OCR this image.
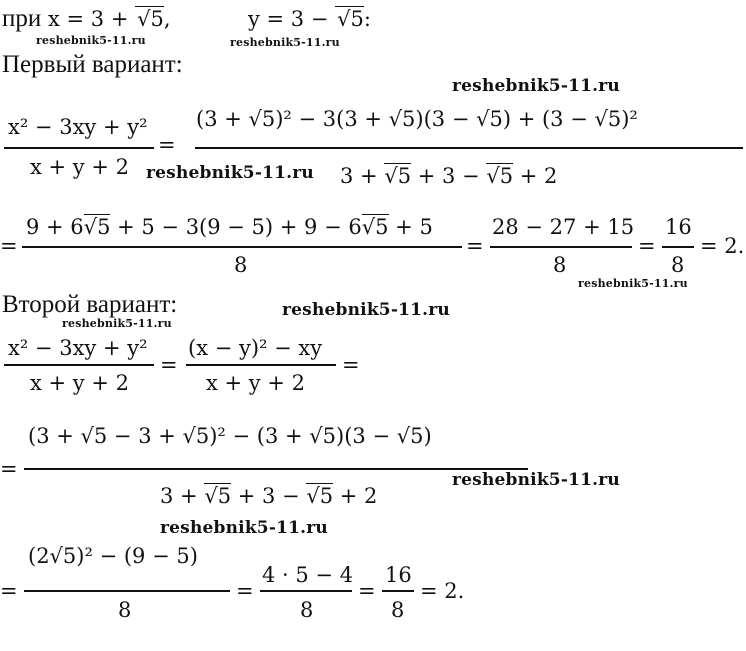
при x = 3 + √5,	y = 3 − √5:
Первый вариант:
x² − 3xy + y²
x + y + 2
=
(3 + √5)² − 3(3 + √5)(3 − √5) + (3 − √5)²
3 + √5 + 3 − √5 + 2
=
9 + 6√5 + 5 − 3(9 − 5) + 9 − 6√5 + 5
8
=
28 − 27 + 15
8
=
16
8
= 2.
Второй вариант:
x² − 3xy + y²
x + y + 2
=
(x − y)² − xy
x + y + 2
=
=
(3 + √5 − 3 + √5)² − (3 + √5)(3 − √5)
3 + √5 + 3 − √5 + 2
=
(2√5)² − (9 − 5)
8
=
4 · 5 − 4
8
=
16
8
= 2.
reshebnik5-11.ru	reshebnik5-11.ru
reshebnik5-11.ru
reshebnik5-11.ru
reshebnik5-11.ru
reshebnik5-11.ru
reshebnik5-11.ru
reshebnik5-11.ru
reshebnik5-11.ru
